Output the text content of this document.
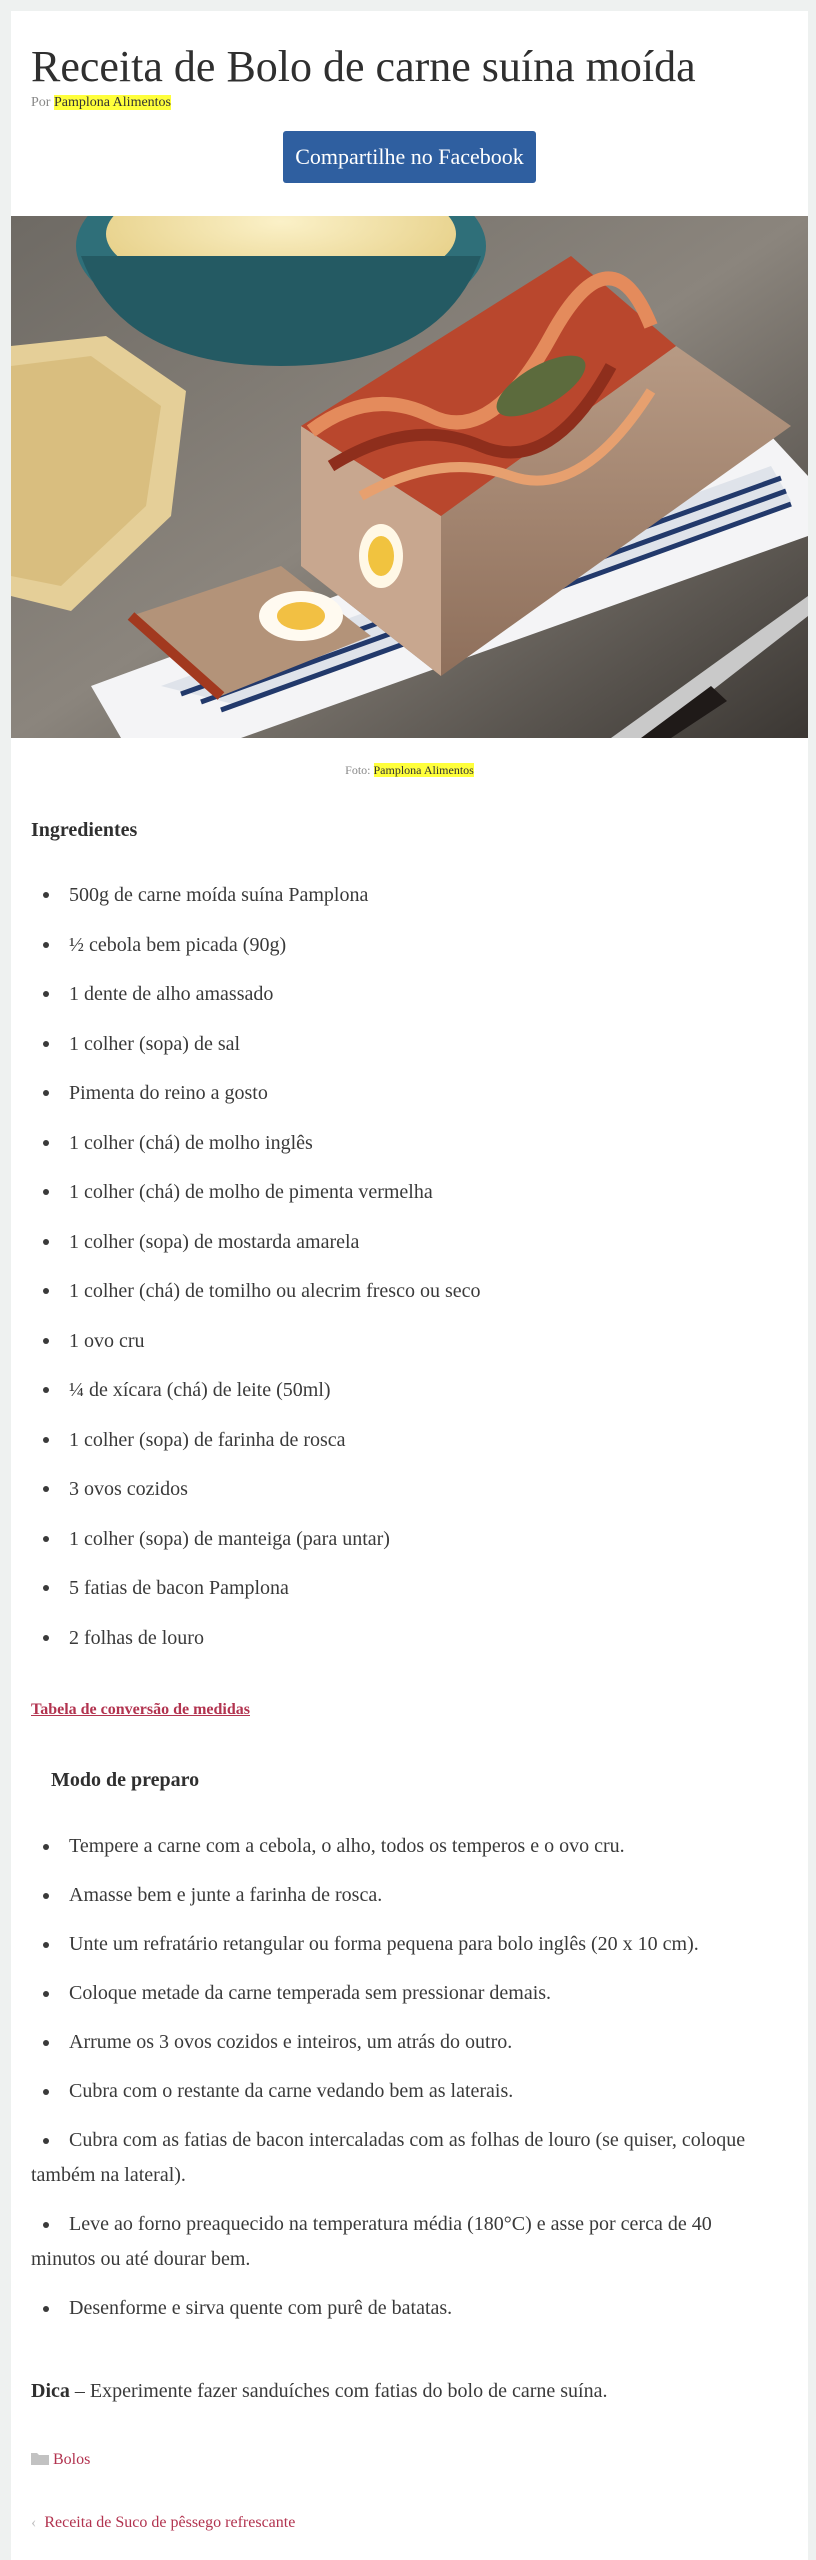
Receita de Bolo de carne suína moída
Por Pamplona Alimentos
Compartilhe no Facebook
Foto: Pamplona Alimentos
Ingredientes
500g de carne moída suína Pamplona
½ cebola bem picada (90g)
1 dente de alho amassado
1 colher (sopa) de sal
Pimenta do reino a gosto
1 colher (chá) de molho inglês
1 colher (chá) de molho de pimenta vermelha
1 colher (sopa) de mostarda amarela
1 colher (chá) de tomilho ou alecrim fresco ou seco
1 ovo cru
¼ de xícara (chá) de leite (50ml)
1 colher (sopa) de farinha de rosca
3 ovos cozidos
1 colher (sopa) de manteiga (para untar)
5 fatias de bacon Pamplona
2 folhas de louro
Tabela de conversão de medidas
Modo de preparo
Tempere a carne com a cebola, o alho, todos os temperos e o ovo cru.
Amasse bem e junte a farinha de rosca.
Unte um refratário retangular ou forma pequena para bolo inglês (20 x 10 cm).
Coloque metade da carne temperada sem pressionar demais.
Arrume os 3 ovos cozidos e inteiros, um atrás do outro.
Cubra com o restante da carne vedando bem as laterais.
Cubra com as fatias de bacon intercaladas com as folhas de louro (se quiser, coloque também na lateral).
Leve ao forno preaquecido na temperatura média (180°C) e asse por cerca de 40 minutos ou até dourar bem.
Desenforme e sirva quente com purê de batatas.

Dica – Experimente fazer sanduíches com fatias do bolo de carne suína.

Bolos
‹ Receita de Suco de pêssego refrescante
